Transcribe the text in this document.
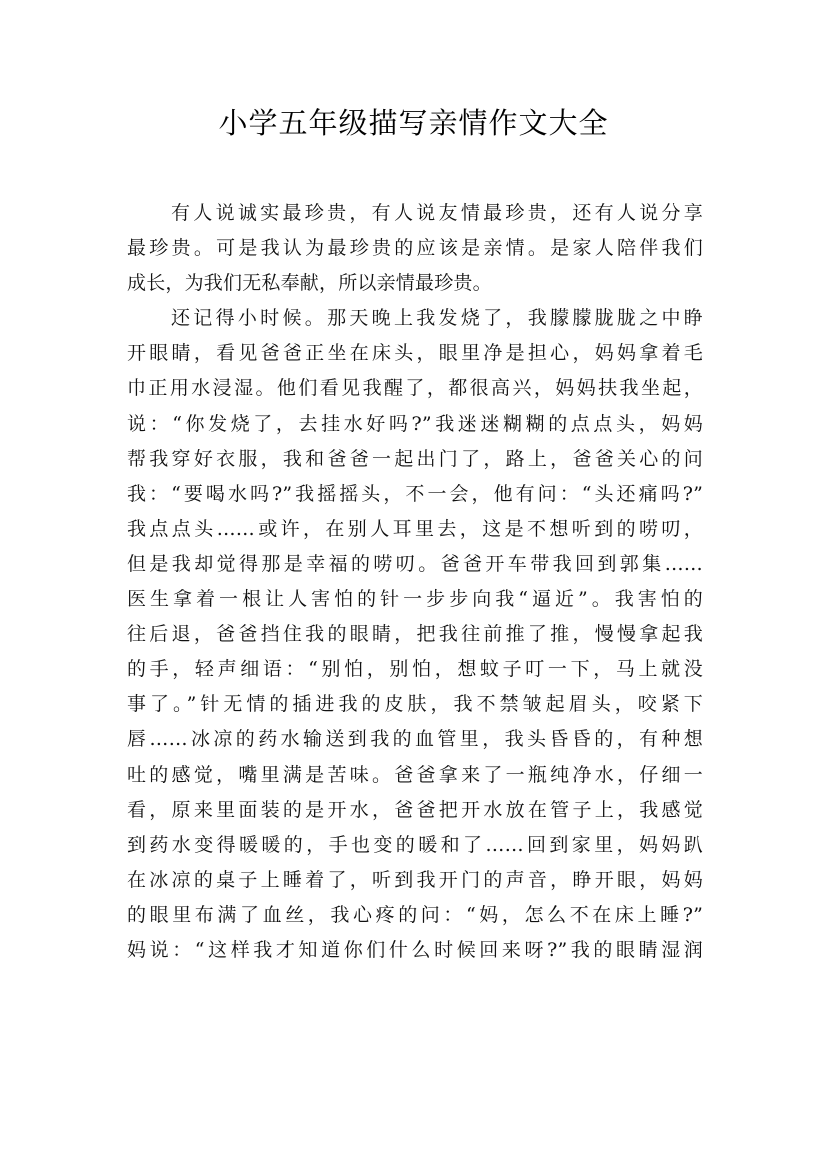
小学五年级描写亲情作文大全
有人说诚实最珍贵，有人说友情最珍贵，还有人说分享
最珍贵。可是我认为最珍贵的应该是亲情。是家人陪伴我们
成长，为我们无私奉献，所以亲情最珍贵。
还记得小时候。那天晚上我发烧了，我朦朦胧胧之中睁
开眼睛，看见爸爸正坐在床头，眼里净是担心，妈妈拿着毛
巾正用水浸湿。他们看见我醒了，都很高兴，妈妈扶我坐起，
说：“你发烧了，去挂水好吗?”我迷迷糊糊的点点头，妈妈
帮我穿好衣服，我和爸爸一起出门了，路上，爸爸关心的问
我：“要喝水吗?”我摇摇头，不一会，他有问：“头还痛吗?”
我点点头……或许，在别人耳里去，这是不想听到的唠叨，
但是我却觉得那是幸福的唠叨。爸爸开车带我回到郭集……
医生拿着一根让人害怕的针一步步向我“逼近”。我害怕的
往后退，爸爸挡住我的眼睛，把我往前推了推，慢慢拿起我
的手，轻声细语：“别怕，别怕，想蚊子叮一下，马上就没
事了。”针无情的插进我的皮肤，我不禁皱起眉头，咬紧下
唇……冰凉的药水输送到我的血管里，我头昏昏的，有种想
吐的感觉，嘴里满是苦味。爸爸拿来了一瓶纯净水，仔细一
看，原来里面装的是开水，爸爸把开水放在管子上，我感觉
到药水变得暖暖的，手也变的暖和了……回到家里，妈妈趴
在冰凉的桌子上睡着了，听到我开门的声音，睁开眼，妈妈
的眼里布满了血丝，我心疼的问：“妈，怎么不在床上睡?”
妈说：“这样我才知道你们什么时候回来呀?”我的眼睛湿润
